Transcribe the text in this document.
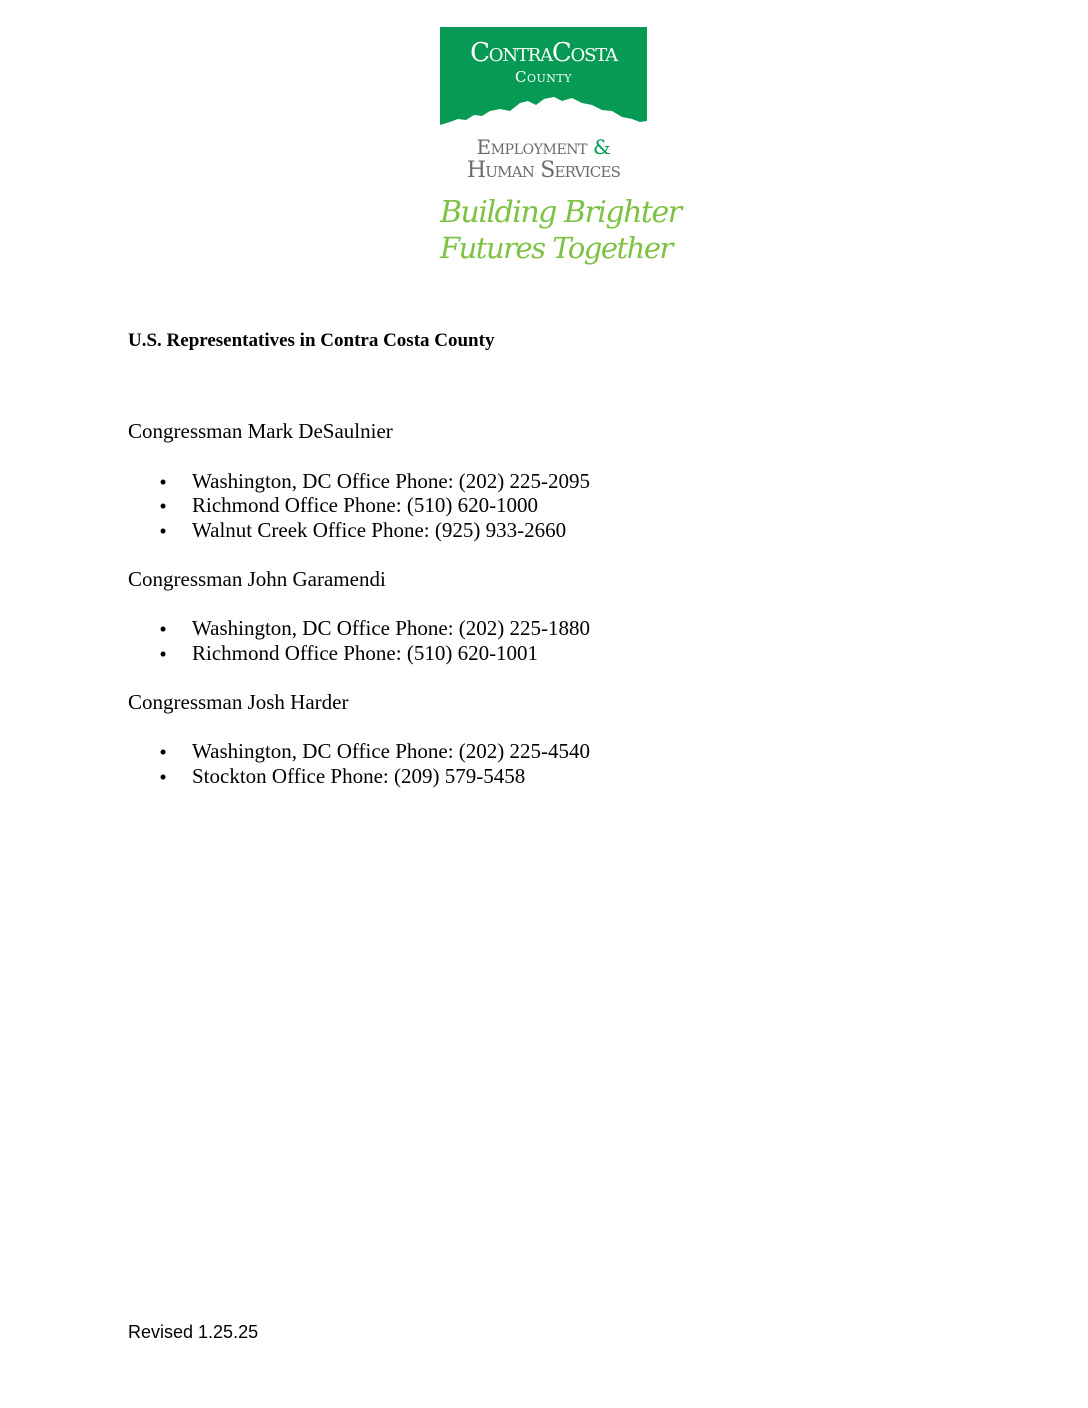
ContraCosta
County
Employment &
Human Services
Building Brighter
Futures Together
U.S. Representatives in Contra Costa County
Congressman Mark DeSaulnier
• Washington, DC Office Phone: (202) 225-2095
• Richmond Office Phone: (510) 620-1000
• Walnut Creek Office Phone: (925) 933-2660
Congressman John Garamendi
• Washington, DC Office Phone: (202) 225-1880
• Richmond Office Phone: (510) 620-1001
Congressman Josh Harder
• Washington, DC Office Phone: (202) 225-4540
• Stockton Office Phone: (209) 579-5458
Revised 1.25.25
